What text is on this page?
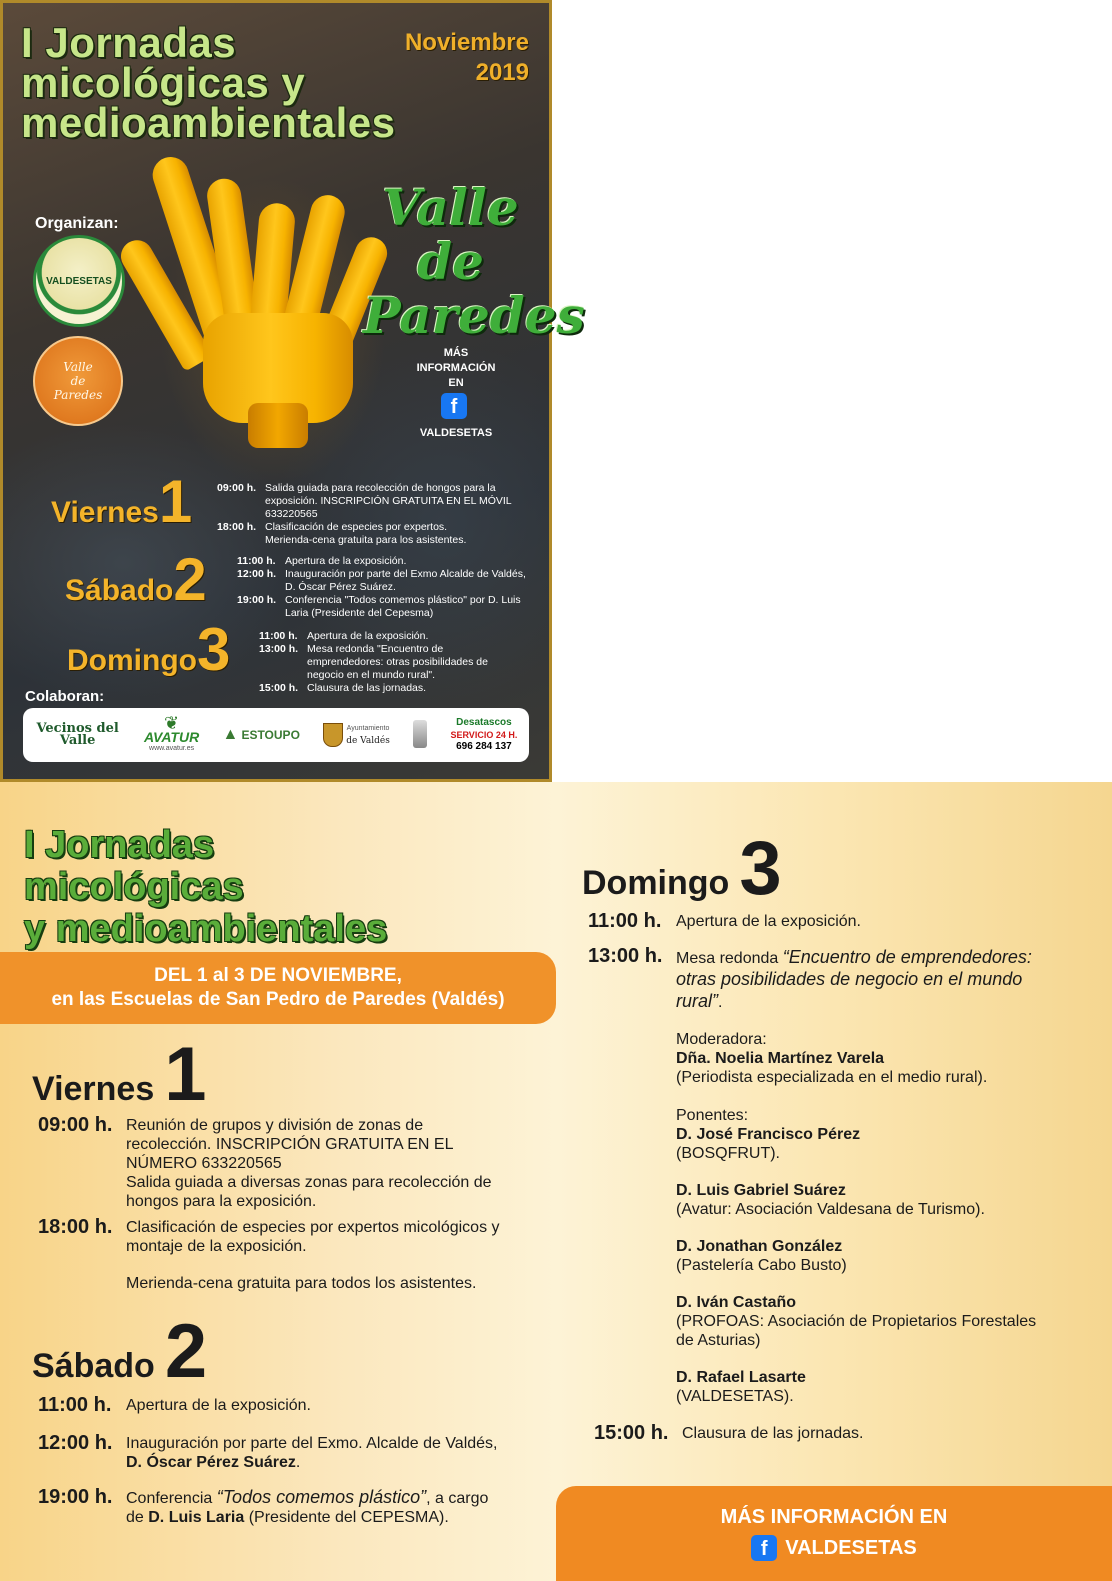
I Jornadas
micológicas y
medioambientales
Noviembre
2019
Valle
de
Paredes
Organizan:
VALDESETAS
Valle
de
Paredes
MÁS
INFORMACIÓN
EN
f
VALDESETAS
Viernes1 09:00 h. Salida guiada para recolección de hongos para la exposición. INSCRIPCIÓN GRATUITA EN EL MÓVIL 633220565
18:00 h. Clasificación de especies por expertos.
Merienda-cena gratuita para los asistentes.
Sábado2	11:00 h. Apertura de la exposición.
12:00 h. Inauguración por parte del Exmo Alcalde de Valdés, D. Óscar Pérez Suárez.
19:00 h. Conferencia "Todos comemos plástico" por D. Luis Laria (Presidente del Cepesma)
Domingo3	11:00 h. Apertura de la exposición.
13:00 h. Mesa redonda "Encuentro de emprendedores: otras posibilidades de negocio en el mundo rural".
15:00 h. Clausura de las jornadas.
Colaboran:
Vecinos del Valle
❦
AVATUR
www.avatur.es
▲ ESTOUPO	Ayuntamiento
de Valdés
Desatascos
SERVICIO 24 H.
696 284 137
I Jornadas
micológicas
y medioambientales
DEL 1 al 3 DE NOVIEMBRE,
en las Escuelas de San Pedro de Paredes (Valdés)
Viernes 1
09:00 h. Reunión de grupos y división de zonas de recolección. INSCRIPCIÓN GRATUITA EN EL NÚMERO 633220565
Salida guiada a diversas zonas para recolección de hongos para la exposición.
18:00 h. Clasificación de especies por expertos micológicos y montaje de la exposición.
Merienda-cena gratuita para todos los asistentes.
Sábado 2
11:00 h. Apertura de la exposición.
12:00 h. Inauguración por parte del Exmo. Alcalde de Valdés, D. Óscar Pérez Suárez.
19:00 h. Conferencia “Todos comemos plástico”, a cargo de D. Luis Laria (Presidente del CEPESMA).
Domingo 3
11:00 h. Apertura de la exposición.
13:00 h. Mesa redonda “Encuentro de emprendedores: otras posibilidades de negocio en el mundo rural”.
Moderadora:
Dña. Noelia Martínez Varela
(Periodista especializada en el medio rural).
Ponentes:
D. José Francisco Pérez
(BOSQFRUT).
D. Luis Gabriel Suárez
(Avatur: Asociación Valdesana de Turismo).
D. Jonathan González
(Pastelería Cabo Busto)
D. Iván Castaño
(PROFOAS: Asociación de Propietarios Forestales de Asturias)
D. Rafael Lasarte
(VALDESETAS).
15:00 h. Clausura de las jornadas.
MÁS INFORMACIÓN EN
f VALDESETAS
